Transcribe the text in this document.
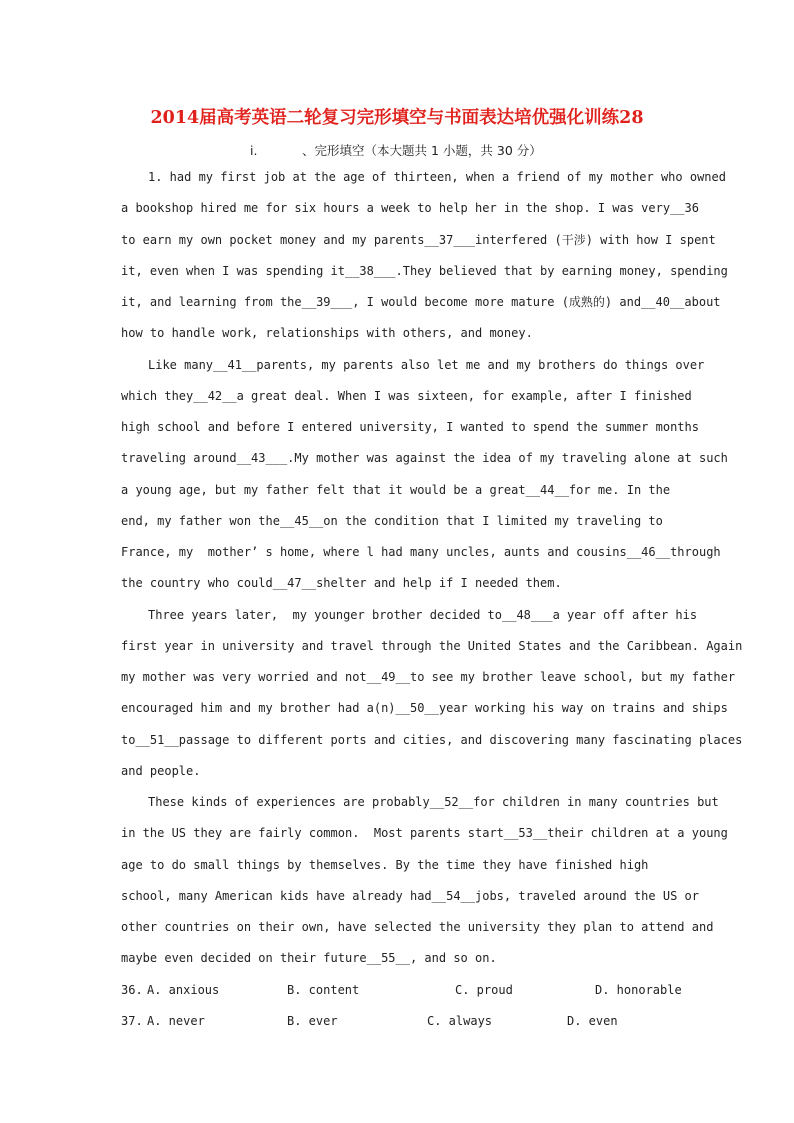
2014届高考英语二轮复习完形填空与书面表达培优强化训练28
i.	、完形填空（本大题共 1 小题，共 30 分）
1. had my first job at the age of thirteen, when a friend of my mother who owned
a bookshop hired me for six hours a week to help her in the shop. I was very__36
to earn my own pocket money and my parents__37___interfered (干涉) with how I spent
it, even when I was spending it__38___.They believed that by earning money, spending
it, and learning from the__39___, I would become more mature (成熟的) and__40__about
how to handle work, relationships with others, and money.
Like many__41__parents, my parents also let me and my brothers do things over
which they__42__a great deal. When I was sixteen, for example, after I finished
high school and before I entered university, I wanted to spend the summer months
traveling around__43___.My mother was against the idea of my traveling alone at such
a young age, but my father felt that it would be a great__44__for me. In the
end, my father won the__45__on the condition that I limited my traveling to
France, my  mother’ s home, where l had many uncles, aunts and cousins__46__through
the country who could__47__shelter and help if I needed them.
Three years later,  my younger brother decided to__48___a year off after his
first year in university and travel through the United States and the Caribbean. Again
my mother was very worried and not__49__to see my brother leave school, but my father
encouraged him and my brother had a(n)__50__year working his way on trains and ships
to__51__passage to different ports and cities, and discovering many fascinating places
and people.
These kinds of experiences are probably__52__for children in many countries but
in the US they are fairly common.  Most parents start__53__their children at a young
age to do small things by themselves. By the time they have finished high
school, many American kids have already had__54__jobs, traveled around the US or
other countries on their own, have selected the university they plan to attend and
maybe even decided on their future__55__, and so on.
36. A. anxious	B. content	C. proud	D. honorable
37. A. never	B. ever	C. always	D. even
